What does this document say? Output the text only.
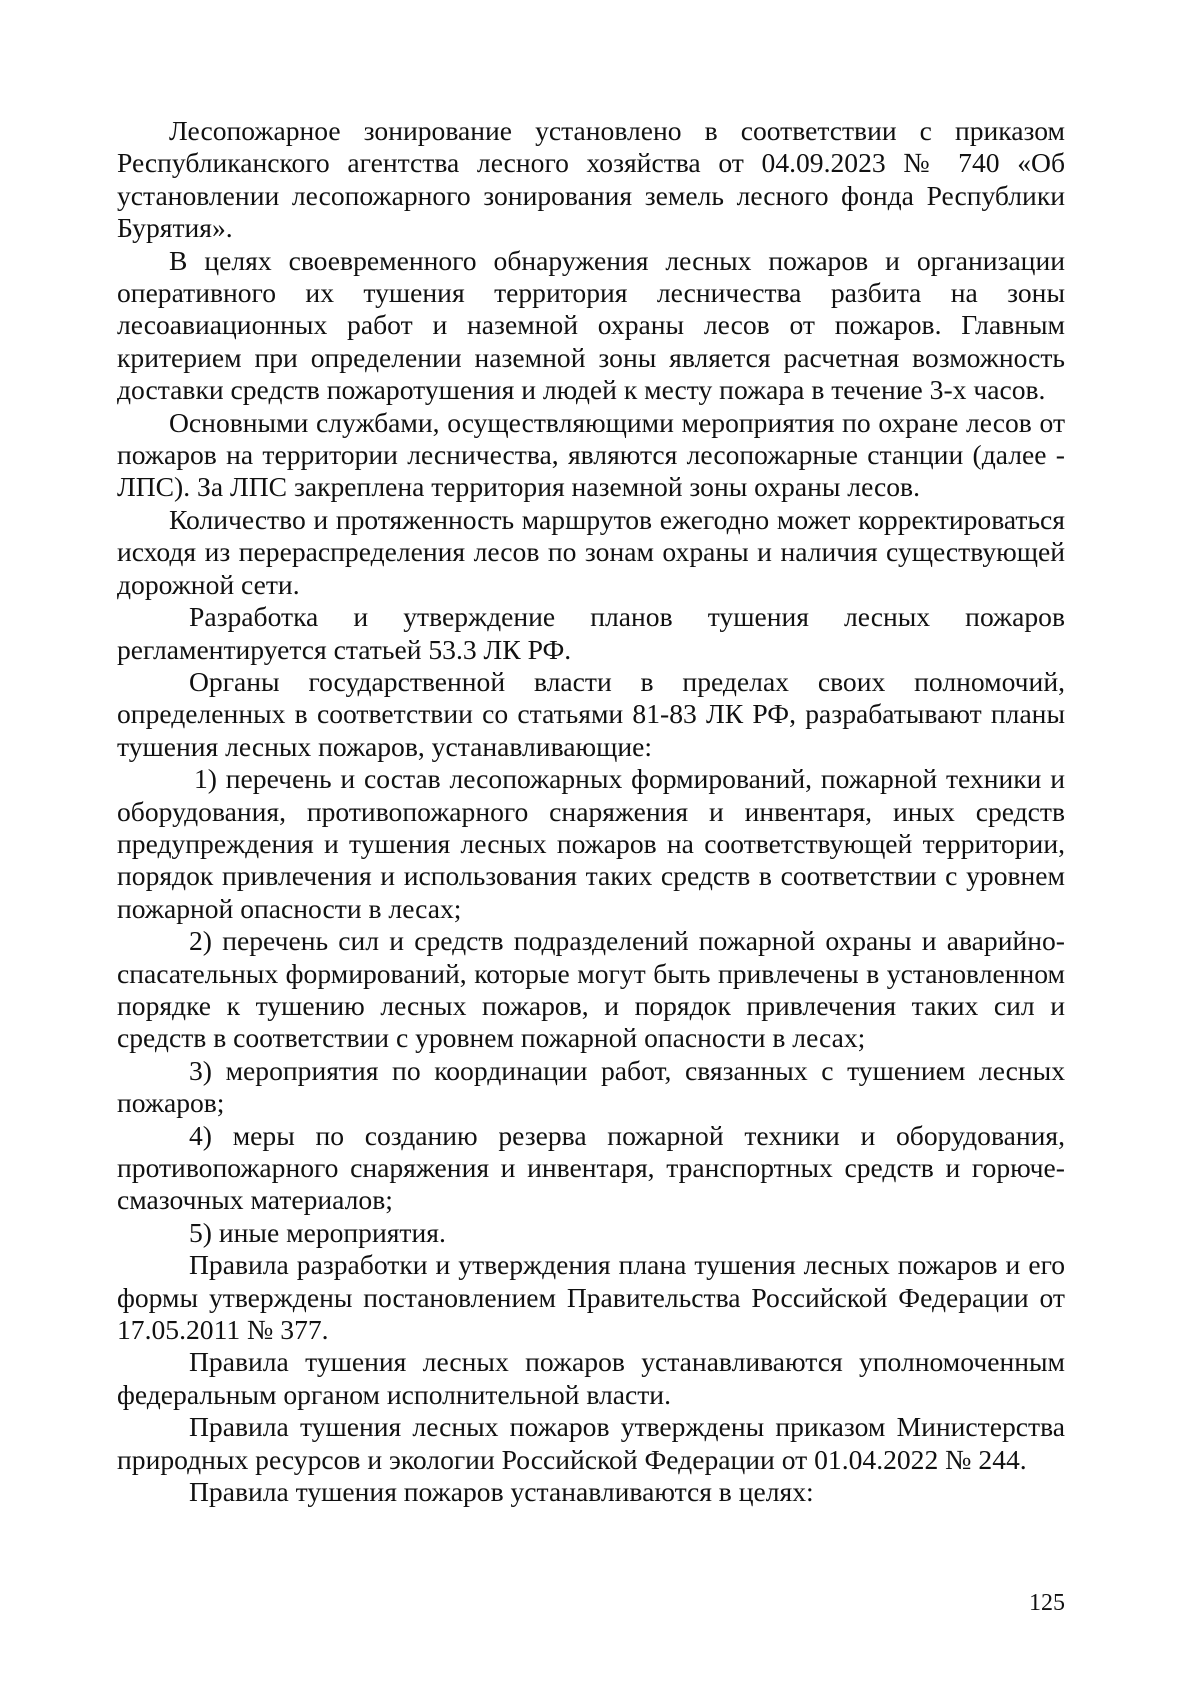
Лесопожарное зонирование установлено в соответствии с приказом Республиканского агентства лесного хозяйства от 04.09.2023 № 740 «Об установлении лесопожарного зонирования земель лесного фонда Республики Бурятия».

В целях своевременного обнаружения лесных пожаров и организации оперативного их тушения территория лесничества разбита на зоны лесоавиационных работ и наземной охраны лесов от пожаров. Главным критерием при определении наземной зоны является расчетная возможность доставки средств пожаротушения и людей к месту пожара в течение 3-х часов.

Основными службами, осуществляющими мероприятия по охране лесов от пожаров на территории лесничества, являются лесопожарные станции (далее - ЛПС). За ЛПС закреплена территория наземной зоны охраны лесов.

Количество и протяженность маршрутов ежегодно может корректироваться исходя из перераспределения лесов по зонам охраны и наличия существующей дорожной сети.

Разработка и утверждение планов тушения лесных пожаров регламентируется статьей 53.3 ЛК РФ.

Органы государственной власти в пределах своих полномочий, определенных в соответствии со статьями 81-83 ЛК РФ, разрабатывают планы тушения лесных пожаров, устанавливающие:

1) перечень и состав лесопожарных формирований, пожарной техники и оборудования, противопожарного снаряжения и инвентаря, иных средств предупреждения и тушения лесных пожаров на соответствующей территории, порядок привлечения и использования таких средств в соответствии с уровнем пожарной опасности в лесах;

2) перечень сил и средств подразделений пожарной охраны и аварийно-спасательных формирований, которые могут быть привлечены в установленном порядке к тушению лесных пожаров, и порядок привлечения таких сил и средств в соответствии с уровнем пожарной опасности в лесах;

3) мероприятия по координации работ, связанных с тушением лесных пожаров;

4) меры по созданию резерва пожарной техники и оборудования, противопожарного снаряжения и инвентаря, транспортных средств и горюче-смазочных материалов;

5) иные мероприятия.

Правила разработки и утверждения плана тушения лесных пожаров и его формы утверждены постановлением Правительства Российской Федерации от 17.05.2011 № 377.

Правила тушения лесных пожаров устанавливаются уполномоченным федеральным органом исполнительной власти.

Правила тушения лесных пожаров утверждены приказом Министерства природных ресурсов и экологии Российской Федерации от 01.04.2022 № 244.

Правила тушения пожаров устанавливаются в целях:

125
